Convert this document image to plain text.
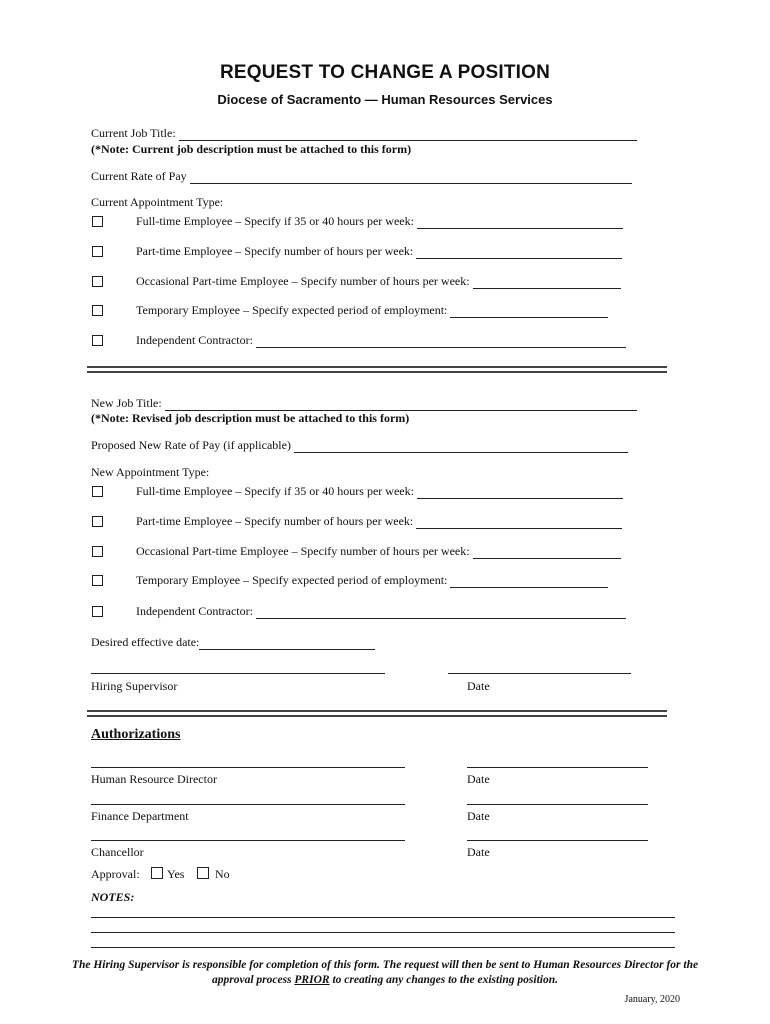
REQUEST TO CHANGE A POSITION
Diocese of Sacramento — Human Resources Services
Current Job Title:
(*Note: Current job description must be attached to this form)
Current Rate of Pay
Current Appointment Type:
Full-time Employee – Specify if 35 or 40 hours per week:
Part-time Employee – Specify number of hours per week:
Occasional Part-time Employee – Specify number of hours per week:
Temporary Employee – Specify expected period of employment:
Independent Contractor:
New Job Title:
(*Note: Revised job description must be attached to this form)
Proposed New Rate of Pay (if applicable)
New Appointment Type:
Full-time Employee – Specify if 35 or 40 hours per week:
Part-time Employee – Specify number of hours per week:
Occasional Part-time Employee – Specify number of hours per week:
Temporary Employee – Specify expected period of employment:
Independent Contractor:
Desired effective date:
Hiring Supervisor	Date
Authorizations
Human Resource Director	Date
Finance Department	Date
Chancellor	Date
Approval: Yes	No
NOTES:
The Hiring Supervisor is responsible for completion of this form. The request will then be sent to Human Resources Director for the approval process PRIOR to creating any changes to the existing position.
January, 2020
